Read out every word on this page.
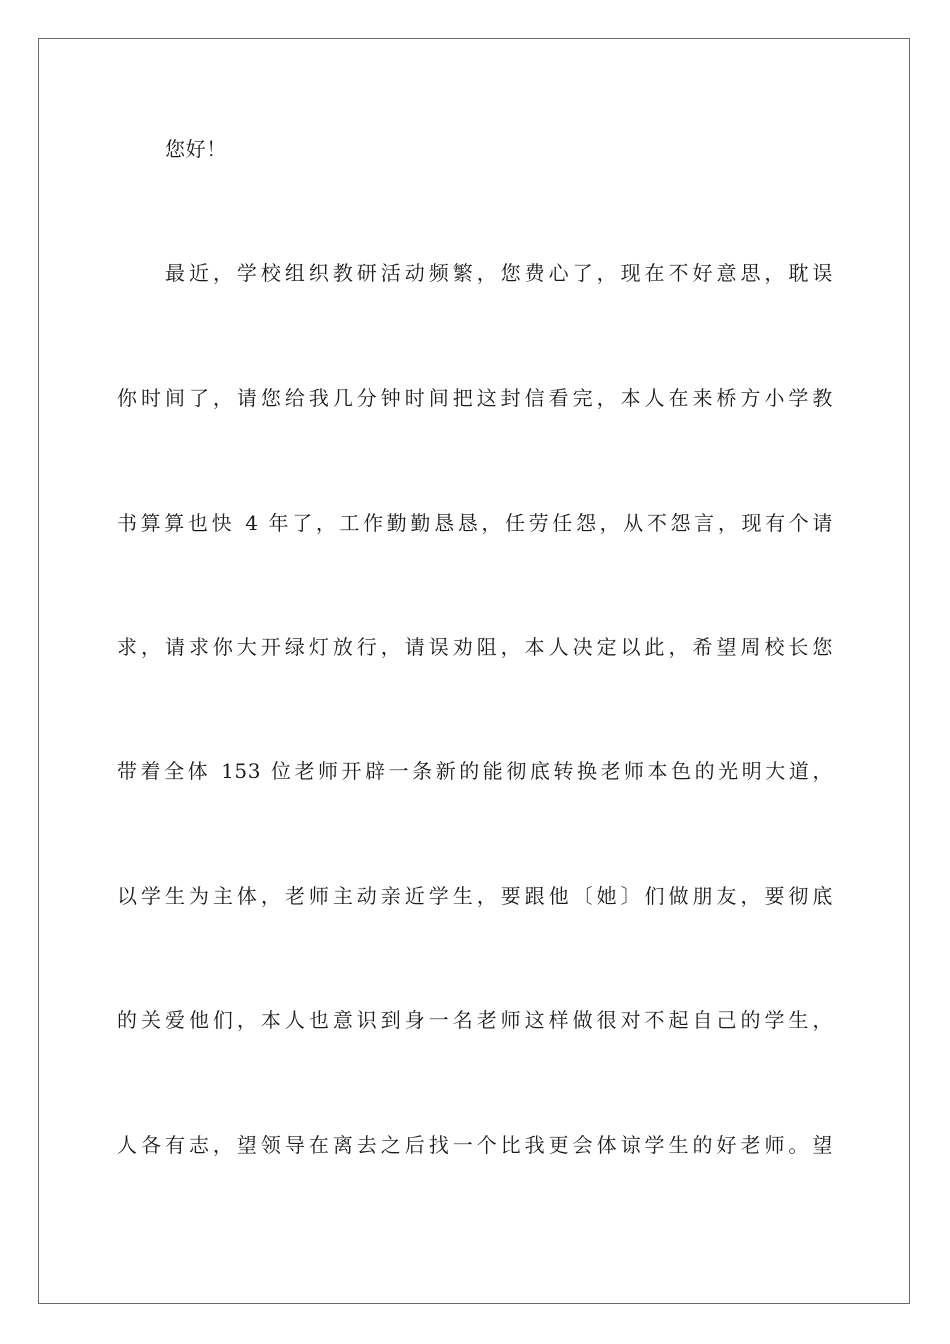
您好！

最近，学校组织教研活动频繁，您费心了，现在不好意思，耽误

你时间了，请您给我几分钟时间把这封信看完，本人在来桥方小学教

书算算也快 4 年了，工作勤勤恳恳，任劳任怨，从不怨言，现有个请

求，请求你大开绿灯放行，请误劝阻，本人决定以此，希望周校长您

带着全体 153 位老师开辟一条新的能彻底转换老师本色的光明大道，

以学生为主体，老师主动亲近学生，要跟他〔她〕们做朋友，要彻底

的关爱他们，本人也意识到身一名老师这样做很对不起自己的学生，

人各有志，望领导在离去之后找一个比我更会体谅学生的好老师。望
